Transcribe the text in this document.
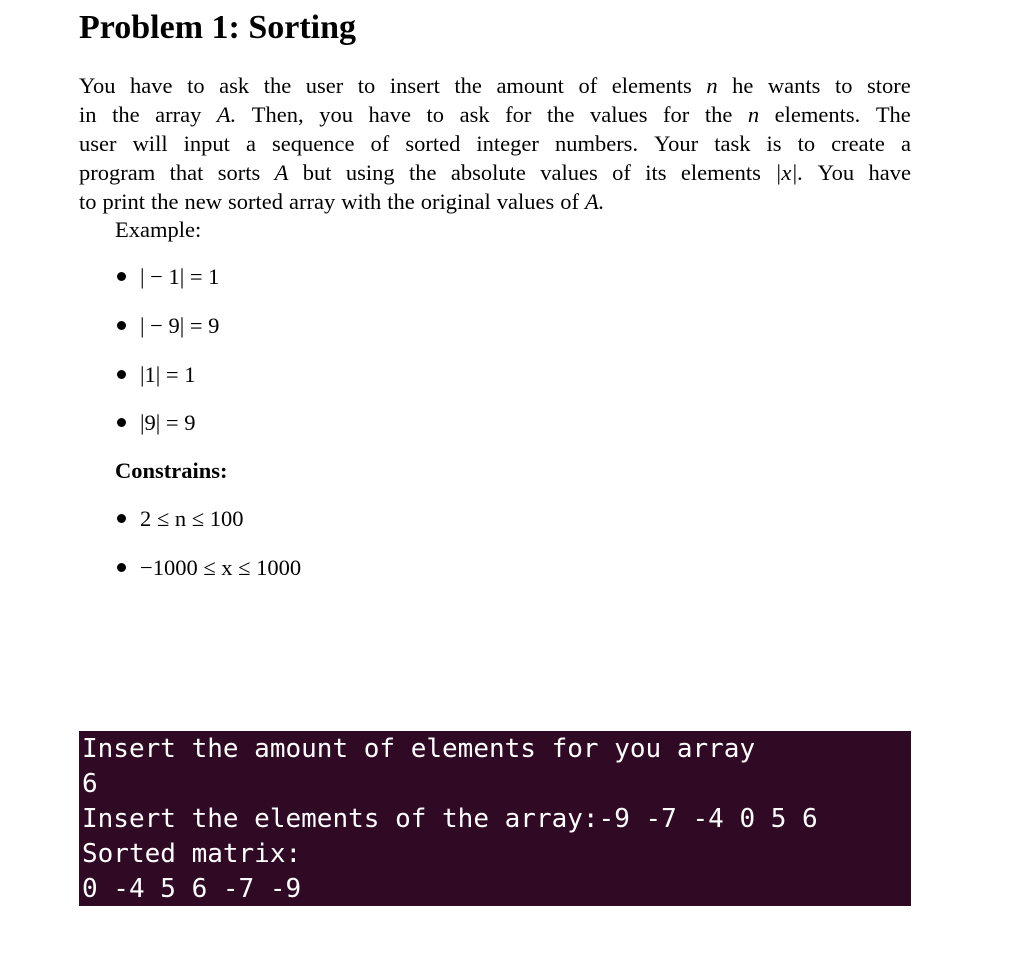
Problem 1: Sorting
You have to ask the user to insert the amount of elements n he wants to store
in the array A. Then, you have to ask for the values for the n elements. The
user will input a sequence of sorted integer numbers. Your task is to create a
program that sorts A but using the absolute values of its elements |x|. You have
to print the new sorted array with the original values of A.

Example:

| − 1| = 1
| − 9| = 9
|1| = 1
|9| = 9

Constrains:

2 ≤ n ≤ 100
−1000 ≤ x ≤ 1000
Insert the amount of elements for you array
6
Insert the elements of the array:-9 -7 -4 0 5 6
Sorted matrix:
0 -4 5 6 -7 -9
